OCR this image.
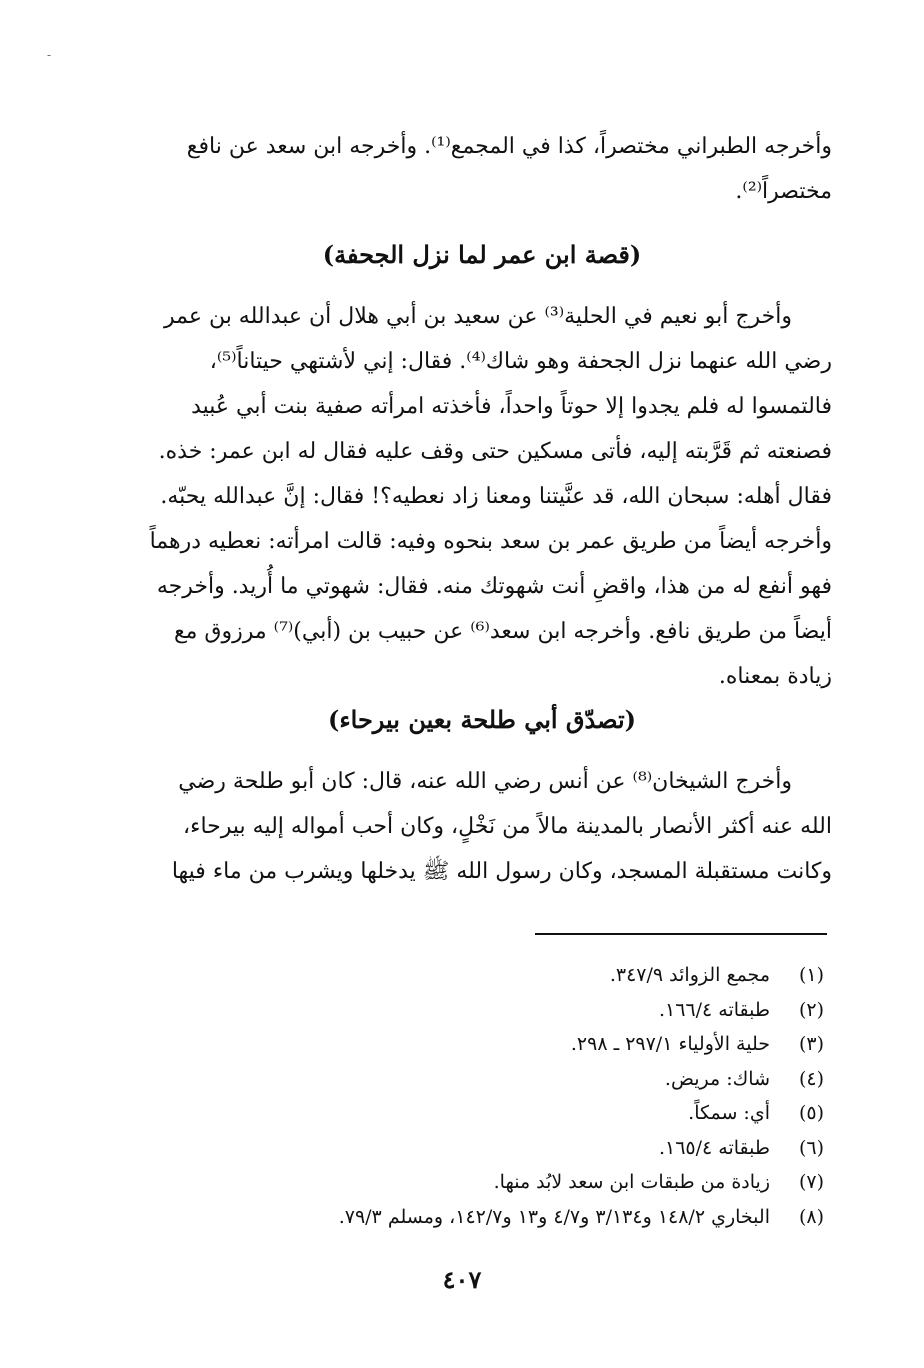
-

وأخرجه الطبراني مختصراً، كذا في المجمع⁽¹⁾. وأخرجه ابن سعد عن نافع

مختصراً⁽²⁾.

(قصة ابن عمر لما نزل الجحفة)

وأخرج أبو نعيم في الحلية⁽³⁾ عن سعيد بن أبي هلال أن عبدالله بن عمر

رضي الله عنهما نزل الجحفة وهو شاك⁽⁴⁾. فقال: إني لأشتهي حيتاناً⁽⁵⁾،

فالتمسوا له فلم يجدوا إلا حوتاً واحداً، فأخذته امرأته صفية بنت أبي عُبيد

فصنعته ثم قَرَّبته إليه، فأتى مسكين حتى وقف عليه فقال له ابن عمر: خذه.

فقال أهله: سبحان الله، قد عنَّيتنا ومعنا زاد نعطيه؟! فقال: إنَّ عبدالله يحبّه.

وأخرجه أيضاً من طريق عمر بن سعد بنحوه وفيه: قالت امرأته: نعطيه درهماً

فهو أنفع له من هذا، واقضِ أنت شهوتك منه. فقال: شهوتي ما أُريد. وأخرجه

أيضاً من طريق نافع. وأخرجه ابن سعد⁽⁶⁾ عن حبيب بن (أبي)⁽⁷⁾ مرزوق مع

زيادة بمعناه.

(تصدّق أبي طلحة بعين بيرحاء)

وأخرج الشيخان⁽⁸⁾ عن أنس رضي الله عنه، قال: كان أبو طلحة رضي

الله عنه أكثر الأنصار بالمدينة مالاً من نَخْلٍ، وكان أحب أمواله إليه بيرحاء،

وكانت مستقبلة المسجد، وكان رسول الله ﷺ يدخلها ويشرب من ماء فيها

(١)
مجمع الزوائد ٣٤٧/٩.
(٢)
طبقاته ١٦٦/٤.
(٣)
حلية الأولياء ٢٩٧/١ ـ ٢٩٨.
(٤)
شاك: مريض.
(٥)
أي: سمكاً.
(٦)
طبقاته ١٦٥/٤.
(٧)
زيادة من طبقات ابن سعد لابُد منها.
(٨)
البخاري ١٤٨/٢ و٣/١٣٤ و٤/٧ و١٣ و١٤٢/٧، ومسلم ٧٩/٣.
٤٠٧
